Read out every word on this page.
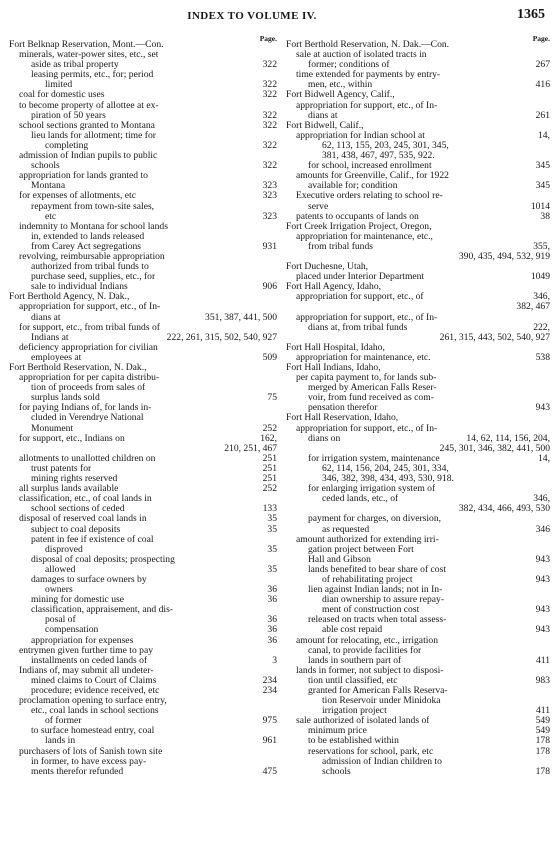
INDEX TO VOLUME IV.	1365
Page.
Fort Belknap Reservation, Mont.—Con.
minerals, water-power sites, etc., set
aside as tribal property	322
leasing permits, etc., for; period
limited	322
coal for domestic uses	322
to become property of allottee at ex-
piration of 50 years	322
school sections granted to Montana	322
lieu lands for allotment; time for
completing	322
admission of Indian pupils to public
schools	322
appropriation for lands granted to
Montana	323
for expenses of allotments, etc	323
repayment from town-site sales,
etc	323
indemnity to Montana for school lands
in, extended to lands released
from Carey Act segregations	931
revolving, reimbursable appropriation
authorized from tribal funds to
purchase seed, supplies, etc., for
sale to individual Indians	906
Fort Berthold Agency, N. Dak.,
appropriation for support, etc., of In-
dians at	351, 387, 441, 500
for support, etc., from tribal funds of
Indians at	222, 261, 315, 502, 540, 927
deficiency appropriation for civilian
employees at	509
Fort Berthold Reservation, N. Dak.,
appropriation for per capita distribu-
tion of proceeds from sales of
surplus lands sold	75
for paying Indians of, for lands in-
cluded in Verendrye National
Monument	252
for support, etc., Indians on	162,
210, 251, 467
allotments to unallotted children on	251
trust patents for	251
mining rights reserved	251
all surplus lands available	252
classification, etc., of coal lands in
school sections of ceded	133
disposal of reserved coal lands in	35
subject to coal deposits	35
patent in fee if existence of coal
disproved	35
disposal of coal deposits; prospecting
allowed	35
damages to surface owners by
owners	36
mining for domestic use	36
classification, appraisement, and dis-
posal of	36
compensation	36
appropriation for expenses	36
entrymen given further time to pay
installments on ceded lands of	3
Indians of, may submit all undeter-
mined claims to Court of Claims	234
procedure; evidence received, etc	234
proclamation opening to surface entry,
etc., coal lands in school sections
of former	975
to surface homestead entry, coal
lands in	961
purchasers of lots of Sanish town site
in former, to have excess pay-
ments therefor refunded	475
Page.
Fort Berthold Reservation, N. Dak.—Con.
sale at auction of isolated tracts in
former; conditions of	267
time extended for payments by entry-
men, etc., within	416
Fort Bidwell Agency, Calif.,
appropriation for support, etc., of In-
dians at	261
Fort Bidwell, Calif.,
appropriation for Indian school at	14,
62, 113, 155, 203, 245, 301, 345,
381, 438, 467, 497, 535, 922.
for school, increased enrollment	345
amounts for Greenville, Calif., for 1922
available for; condition	345
Executive orders relating to school re-
serve	1014
patents to occupants of lands on	38
Fort Creek Irrigation Project, Oregon,
appropriation for maintenance, etc.,
from tribal funds	355,
390, 435, 494, 532, 919
Fort Duchesne, Utah,
placed under Interior Department	1049
Fort Hall Agency, Idaho,
appropriation for support, etc., of	346,
382, 467
appropriation for support, etc., of In-
dians at, from tribal funds	222,
261, 315, 443, 502, 540, 927
Fort Hall Hospital, Idaho,
appropriation for maintenance, etc.	538
Fort Hall Indians, Idaho,
per capita payment to, for lands sub-
merged by American Falls Reser-
voir, from fund received as com-
pensation therefor	943
Fort Hall Reservation, Idaho,
appropriation for support, etc., of In-
dians on	14, 62, 114, 156, 204,
245, 301, 346, 382, 441, 500
for irrigation system, maintenance	14,
62, 114, 156, 204, 245, 301, 334,
346, 382, 398, 434, 493, 530, 918.
for enlarging irrigation system of
ceded lands, etc., of	346,
382, 434, 466, 493, 530
payment for charges, on diversion,
as requested	346
amount authorized for extending irri-
gation project between Fort
Hall and Gibson	943
lands benefited to bear share of cost
of rehabilitating project	943
lien against Indian lands; not in In-
dian ownership to assure repay-
ment of construction cost	943
released on tracts when total assess-
able cost repaid	943
amount for relocating, etc., irrigation
canal, to provide facilities for
lands in southern part of	411
lands in former, not subject to disposi-
tion until classified, etc	983
granted for American Falls Reserva-
tion Reservoir under Minidoka
irrigation project	411
sale authorized of isolated lands of	549
minimum price	549
to be established within	178
reservations for school, park, etc	178
admission of Indian children to
schools	178
